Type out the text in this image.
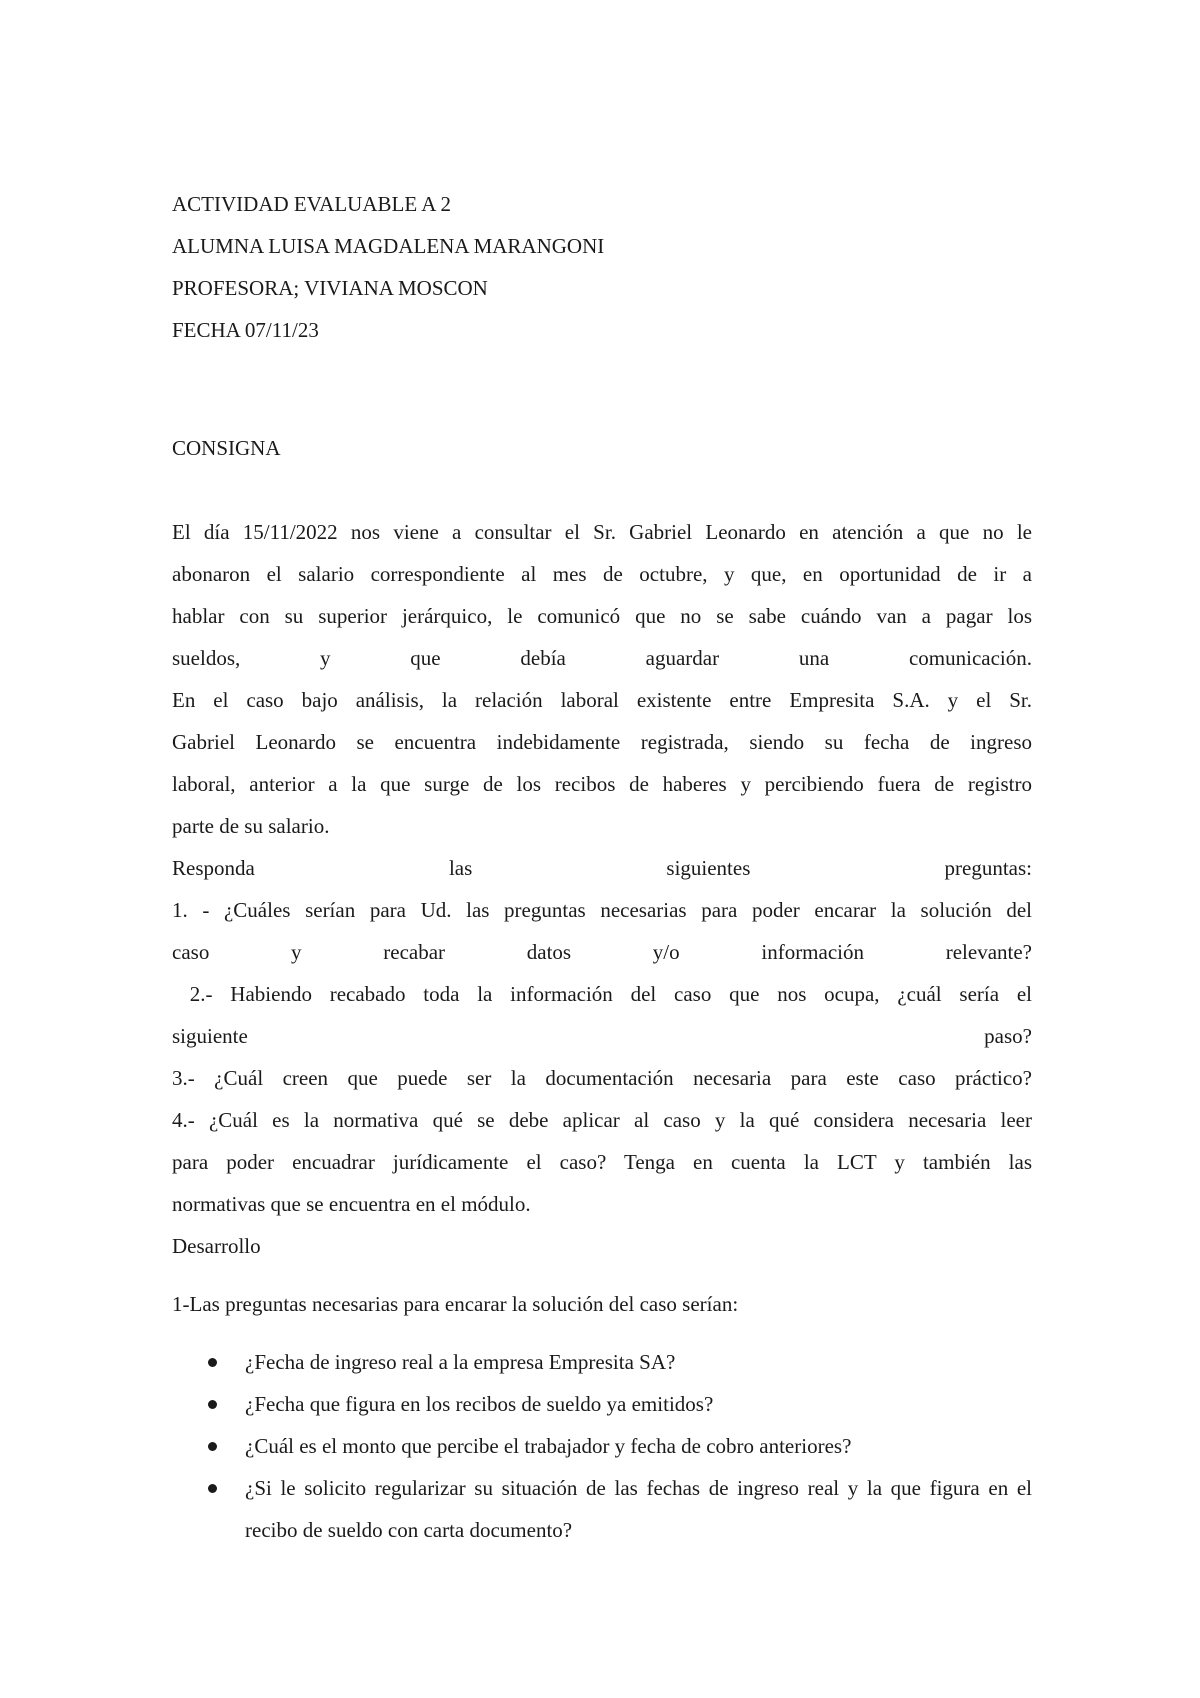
ACTIVIDAD EVALUABLE A 2

ALUMNA LUISA MAGDALENA MARANGONI

PROFESORA; VIVIANA MOSCON

FECHA 07/11/23

CONSIGNA

El día 15/11/2022 nos viene a consultar el Sr. Gabriel Leonardo en atención a que no le

abonaron el salario correspondiente al mes de octubre, y que, en oportunidad de ir a

hablar con su superior jerárquico, le comunicó que no se sabe cuándo van a pagar los

sueldos, y que debía aguardar una comunicación.

En el caso bajo análisis, la relación laboral existente entre Empresita S.A. y el Sr.

Gabriel Leonardo se encuentra indebidamente registrada, siendo su fecha de ingreso

laboral, anterior a la que surge de los recibos de haberes y percibiendo fuera de registro

parte de su salario.

Responda las siguientes preguntas:

1. - ¿Cuáles serían para Ud. las preguntas necesarias para poder encarar la solución del

caso y recabar datos y/o información relevante?

2.- Habiendo recabado toda la información del caso que nos ocupa, ¿cuál sería el

siguiente paso?

3.- ¿Cuál creen que puede ser la documentación necesaria para este caso práctico?

4.- ¿Cuál es la normativa qué se debe aplicar al caso y la qué considera necesaria leer

para poder encuadrar jurídicamente el caso? Tenga en cuenta la LCT y también las

normativas que se encuentra en el módulo.

Desarrollo

1-Las preguntas necesarias para encarar la solución del caso serían:

¿Fecha de ingreso real a la empresa Empresita SA?
¿Fecha que figura en los recibos de sueldo ya emitidos?
¿Cuál es el monto que percibe el trabajador y fecha de cobro anteriores?
¿Si le solicito regularizar su situación de las fechas de ingreso real y la que figura en el recibo de sueldo con carta documento?
